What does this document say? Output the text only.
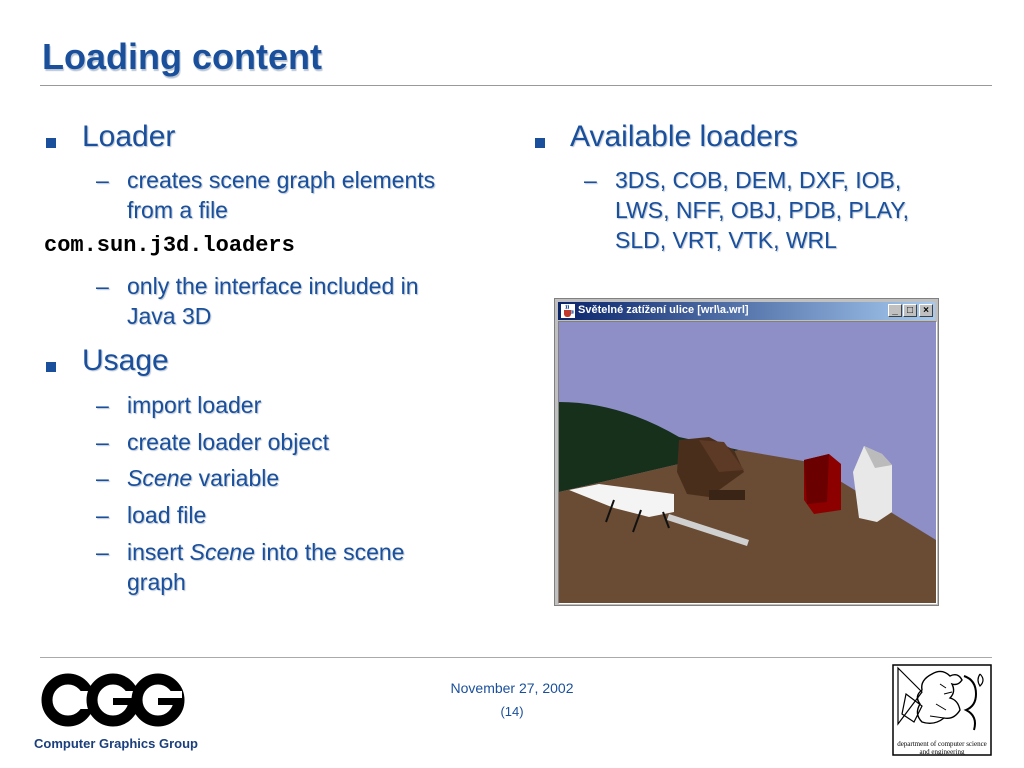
Loading content
Loader
– creates scene graph elements
from a file
com.sun.j3d.loaders
– only the interface included in
Java 3D
Usage
– import loader
– create loader object
– Scene variable
– load file
– insert Scene into the scene
graph
Available loaders
– 3DS, COB, DEM, DXF, IOB,
LWS, NFF, OBJ, PDB, PLAY,
SLD, VRT, VTK, WRL
Světelné zatížení ulice [wrl\a.wrl]	_ □	×
Computer Graphics Group
November 27, 2002
(14)
department of computer science
and engineering
